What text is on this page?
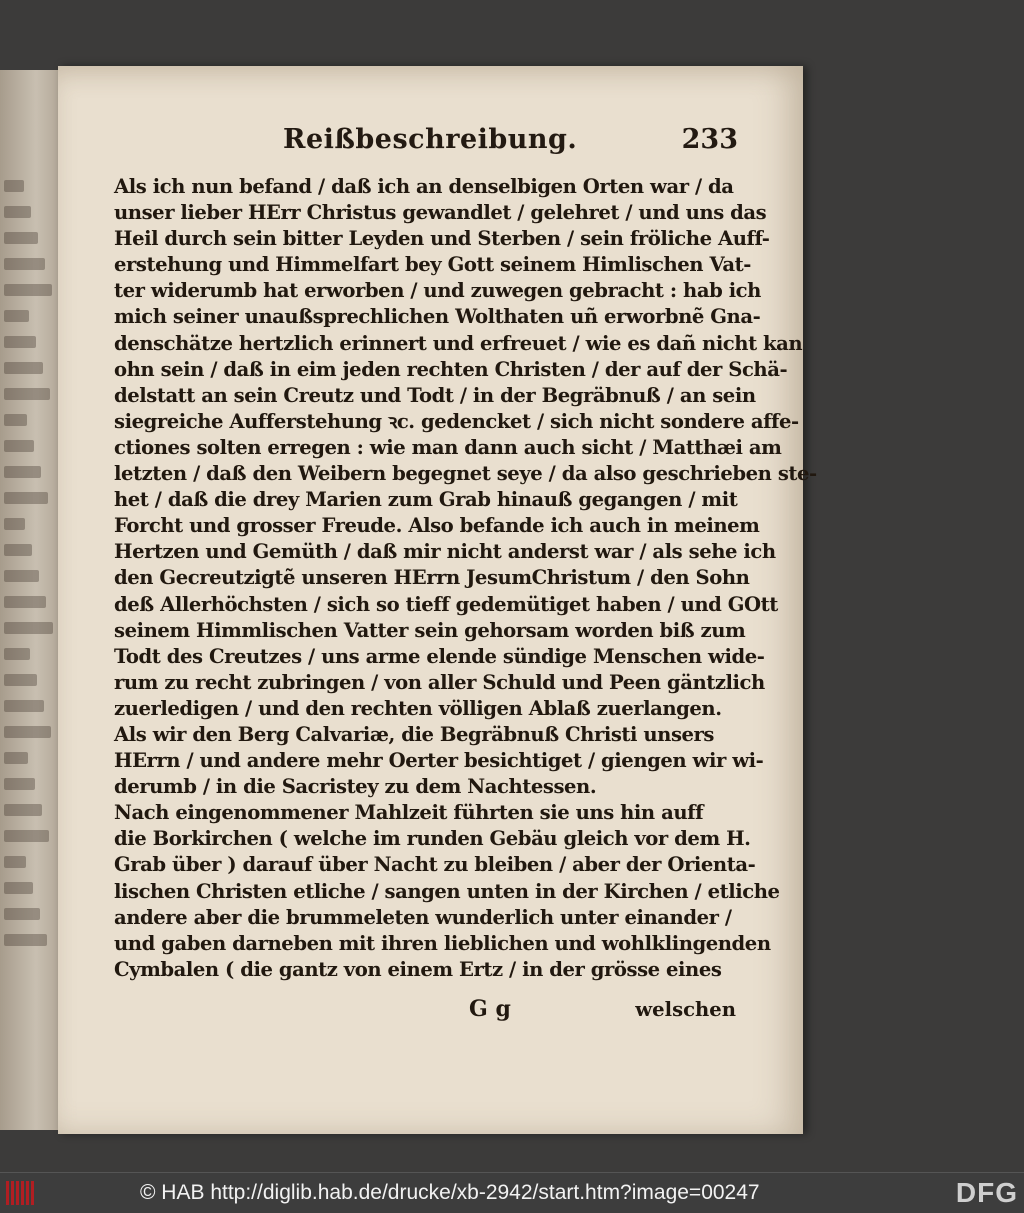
Reißbeschreibung.	233
Als ich nun befand / daß ich an denselbigen Orten war / da
unser lieber HErr Christus gewandlet / gelehret / und uns das
Heil durch sein bitter Leyden und Sterben / sein fröliche Auff-
erstehung und Himmelfart bey Gott seinem Himlischen Vat-
ter widerumb hat erworben / und zuwegen gebracht : hab ich
mich seiner unaußsprechlichen Wolthaten uñ erworbnẽ Gna-
denschätze hertzlich erinnert und erfreuet / wie es dañ nicht kan
ohn sein / daß in eim jeden rechten Christen / der auf der Schä-
delstatt an sein Creutz und Todt / in der Begräbnuß / an sein
siegreiche Aufferstehung ꝛc. gedencket / sich nicht sondere affe-
ctiones solten erregen : wie man dann auch sicht / Matthæi am
letzten / daß den Weibern begegnet seye / da also geschrieben ste-
het / daß die drey Marien zum Grab hinauß gegangen / mit
Forcht und grosser Freude. Also befande ich auch in meinem
Hertzen und Gemüth / daß mir nicht anderst war / als sehe ich
den Gecreutzigtẽ unseren HErrn JesumChristum / den Sohn
deß Allerhöchsten / sich so tieff gedemütiget haben / und GOtt
seinem Himmlischen Vatter sein gehorsam worden biß zum
Todt des Creutzes / uns arme elende sündige Menschen wide-
rum zu recht zubringen / von aller Schuld und Peen gäntzlich
zuerledigen / und den rechten völligen Ablaß zuerlangen.
Als wir den Berg Calvariæ, die Begräbnuß Christi unsers
HErrn / und andere mehr Oerter besichtiget / giengen wir wi-
derumb / in die Sacristey zu dem Nachtessen.
Nach eingenommener Mahlzeit führten sie uns hin auff
die Borkirchen ( welche im runden Gebäu gleich vor dem H.
Grab über ) darauf über Nacht zu bleiben / aber der Orienta-
lischen Christen etliche / sangen unten in der Kirchen / etliche
andere aber die brummeleten wunderlich unter einander /
und gaben darneben mit ihren lieblichen und wohlklingenden
Cymbalen ( die gantz von einem Ertz / in der grösse eines
G g	welschen
© HAB http://diglib.hab.de/drucke/xb-2942/start.htm?image=00247	DFG
